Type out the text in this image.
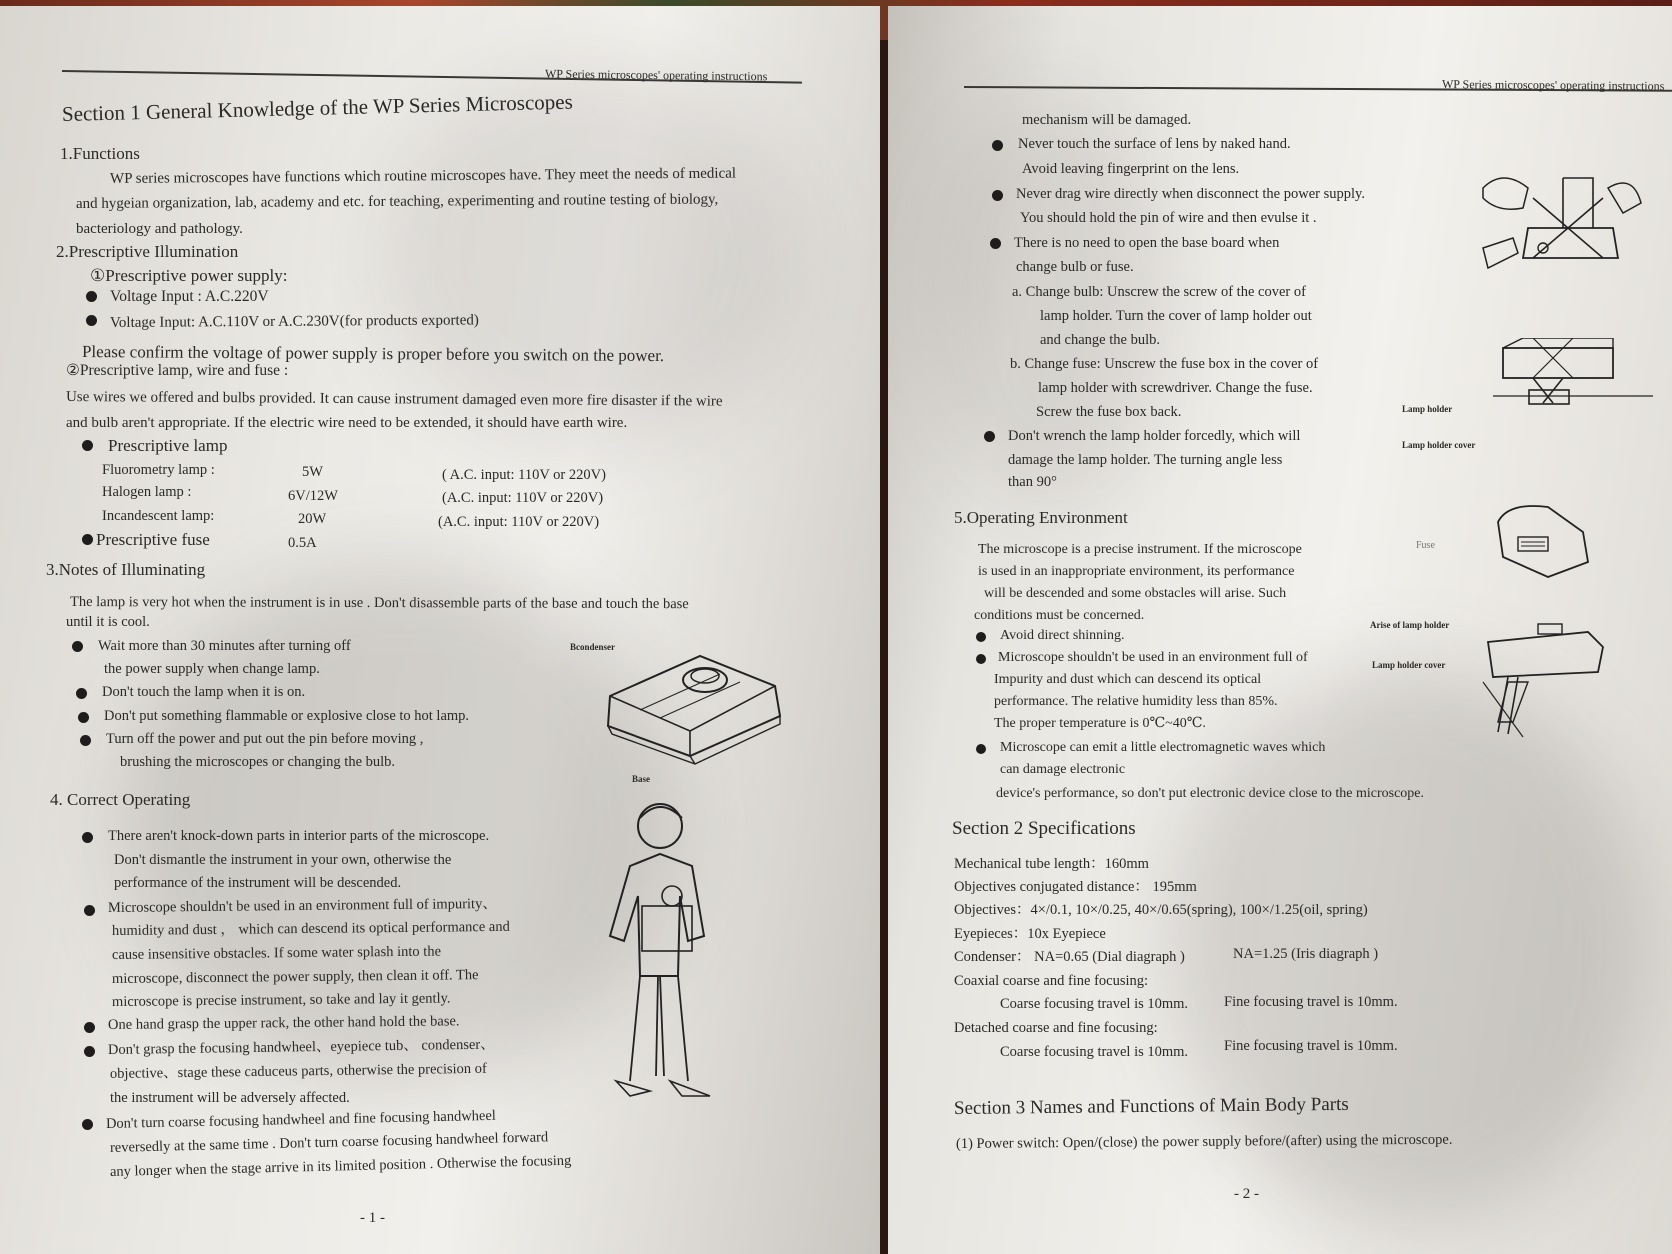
WP Series microscopes' operating instructions
Section 1 General Knowledge of the WP Series Microscopes
1.Functions
WP series microscopes have functions which routine microscopes have. They meet the needs of medical
and hygeian organization, lab, academy and etc. for teaching, experimenting and routine testing of biology,
bacteriology and pathology.
2.Prescriptive Illumination
①Prescriptive power supply:
Voltage Input : A.C.220V
Voltage Input: A.C.110V or A.C.230V(for products exported)
Please confirm the voltage of power supply is proper before you switch on the power.
②Prescriptive lamp, wire and fuse :
Use wires we offered and bulbs provided. It can cause instrument damaged even more fire disaster if the wire
and bulb aren't appropriate. If the electric wire need to be extended, it should have earth wire.
Prescriptive lamp
Fluorometry lamp :	5W	( A.C. input: 110V or 220V)
Halogen lamp :	6V/12W	(A.C. input: 110V or 220V)
Incandescent lamp:	20W	(A.C. input: 110V or 220V)
Prescriptive fuse	0.5A
3.Notes of Illuminating
The lamp is very hot when the instrument is in use . Don't disassemble parts of the base and touch the base
until it is cool.
Wait more than 30 minutes after turning off
the power supply when change lamp.
Don't touch the lamp when it is on.
Don't put something flammable or explosive close to hot lamp.
Turn off the power and put out the pin before moving ,
brushing the microscopes or changing the bulb.
Bcondenser
Base
4. Correct Operating
There aren't knock-down parts in interior parts of the microscope.
Don't dismantle the instrument in your own, otherwise the
performance of the instrument will be descended.
Microscope shouldn't be used in an environment full of impurity、
humidity and dust ， which can descend its optical performance and
cause insensitive obstacles. If some water splash into the
microscope, disconnect the power supply, then clean it off. The
microscope is precise instrument, so take and lay it gently.
One hand grasp the upper rack, the other hand hold the base.
Don't grasp the focusing handwheel、eyepiece tub、 condenser、
objective、stage these caduceus parts, otherwise the precision of
the instrument will be adversely affected.
Don't turn coarse focusing handwheel and fine focusing handwheel
reversedly at the same time . Don't turn coarse focusing handwheel forward
any longer when the stage arrive in its limited position . Otherwise the focusing
- 1 -
WP Series microscopes' operating instructions
mechanism will be damaged.
Never touch the surface of lens by naked hand.
Avoid leaving fingerprint on the lens.
Never drag wire directly when disconnect the power supply.
You should hold the pin of wire and then evulse it .
There is no need to open the base board when
change bulb or fuse.
a. Change bulb: Unscrew the screw of the cover of
lamp holder. Turn the cover of lamp holder out
and change the bulb.
b. Change fuse: Unscrew the fuse box in the cover of
lamp holder with screwdriver. Change the fuse.
Screw the fuse box back.
Don't wrench the lamp holder forcedly, which will
damage the lamp holder. The turning angle less
than 90°
Lamp holder
Lamp holder cover
5.Operating Environment
The microscope is a precise instrument. If the microscope
is used in an inappropriate environment, its performance
will be descended and some obstacles will arise. Such
conditions must be concerned.
Avoid direct shinning.
Microscope shouldn't be used in an environment full of
Impurity and dust which can descend its optical
performance. The relative humidity less than 85%.
The proper temperature is 0℃~40℃.
Microscope can emit a little electromagnetic waves which
can damage electronic
device's performance, so don't put electronic device close to the microscope.
Fuse
Arise of lamp holder
Lamp holder cover
Section 2 Specifications
Mechanical tube length：160mm
Objectives conjugated distance： 195mm
Objectives：4×/0.1, 10×/0.25, 40×/0.65(spring), 100×/1.25(oil, spring)
Eyepieces：10x Eyepiece
Condenser： NA=0.65 (Dial diagraph )	NA=1.25 (Iris diagraph )
Coaxial coarse and fine focusing:
Coarse focusing travel is 10mm. Fine focusing travel is 10mm.
Detached coarse and fine focusing:
Coarse focusing travel is 10mm. Fine focusing travel is 10mm.
Section 3 Names and Functions of Main Body Parts
(1) Power switch: Open/(close) the power supply before/(after) using the microscope.
- 2 -
